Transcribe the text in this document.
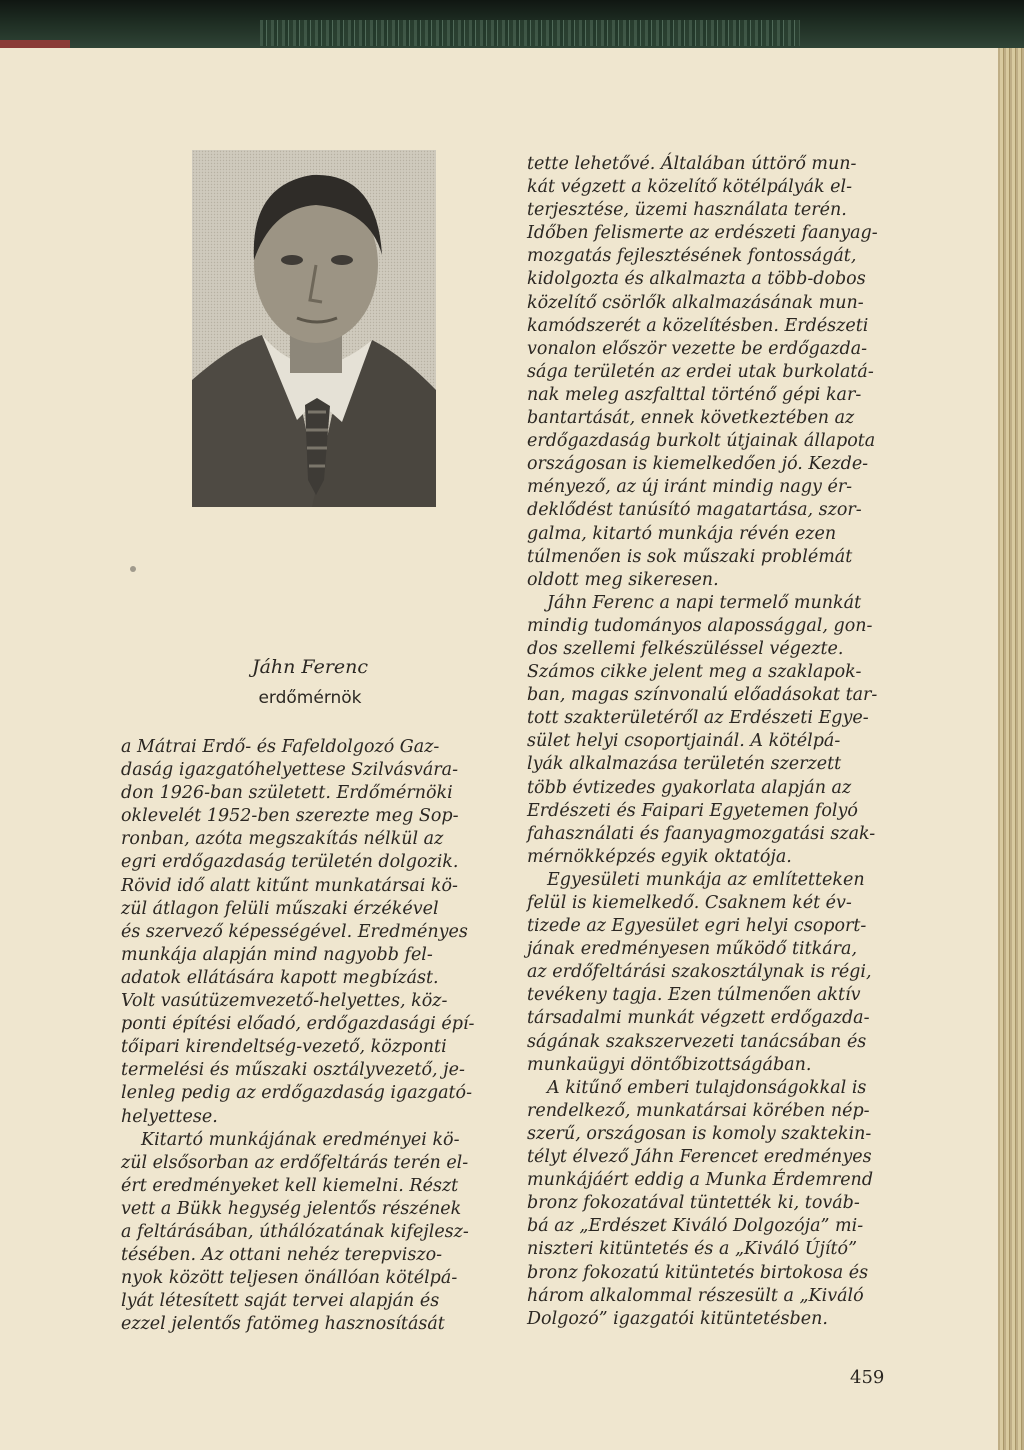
Jáhn Ferenc
erdőmérnök

a Mátrai Erdő- és Fafeldolgozó Gaz-

daság igazgatóhelyettese Szilvásvára-

don 1926-ban született. Erdőmérnöki

oklevelét 1952-ben szerezte meg Sop-

ronban, azóta megszakítás nélkül az

egri erdőgazdaság területén dolgozik.

Rövid idő alatt kitűnt munkatársai kö-

zül átlagon felüli műszaki érzékével

és szervező képességével. Eredményes

munkája alapján mind nagyobb fel-

adatok ellátására kapott megbízást.

Volt vasútüzemvezető-helyettes, köz-

ponti építési előadó, erdőgazdasági épí-

tőipari kirendeltség-vezető, központi

termelési és műszaki osztályvezető, je-

lenleg pedig az erdőgazdaság igazgató-

helyettese.

Kitartó munkájának eredményei kö-

zül elsősorban az erdőfeltárás terén el-

ért eredményeket kell kiemelni. Részt

vett a Bükk hegység jelentős részének

a feltárásában, úthálózatának kifejlesz-

tésében. Az ottani nehéz terepviszo-

nyok között teljesen önállóan kötélpá-

lyát létesített saját tervei alapján és

ezzel jelentős fatömeg hasznosítását

tette lehetővé. Általában úttörő mun-

kát végzett a közelítő kötélpályák el-

terjesztése, üzemi használata terén.

Időben felismerte az erdészeti faanyag-

mozgatás fejlesztésének fontosságát,

kidolgozta és alkalmazta a több-dobos

közelítő csörlők alkalmazásának mun-

kamódszerét a közelítésben. Erdészeti

vonalon először vezette be erdőgazda-

sága területén az erdei utak burkolatá-

nak meleg aszfalttal történő gépi kar-

bantartását, ennek következtében az

erdőgazdaság burkolt útjainak állapota

országosan is kiemelkedően jó. Kezde-

ményező, az új iránt mindig nagy ér-

deklődést tanúsító magatartása, szor-

galma, kitartó munkája révén ezen

túlmenően is sok műszaki problémát

oldott meg sikeresen.

Jáhn Ferenc a napi termelő munkát

mindig tudományos alapossággal, gon-

dos szellemi felkészüléssel végezte.

Számos cikke jelent meg a szaklapok-

ban, magas színvonalú előadásokat tar-

tott szakterületéről az Erdészeti Egye-

sület helyi csoportjainál. A kötélpá-

lyák alkalmazása területén szerzett

több évtizedes gyakorlata alapján az

Erdészeti és Faipari Egyetemen folyó

fahasználati és faanyagmozgatási szak-

mérnökképzés egyik oktatója.

Egyesületi munkája az említetteken

felül is kiemelkedő. Csaknem két év-

tizede az Egyesület egri helyi csoport-

jának eredményesen működő titkára,

az erdőfeltárási szakosztálynak is régi,

tevékeny tagja. Ezen túlmenően aktív

társadalmi munkát végzett erdőgazda-

ságának szakszervezeti tanácsában és

munkaügyi döntőbizottságában.

A kitűnő emberi tulajdonságokkal is

rendelkező, munkatársai körében nép-

szerű, országosan is komoly szaktekin-

télyt élvező Jáhn Ferencet eredményes

munkájáért eddig a Munka Érdemrend

bronz fokozatával tüntették ki, továb-

bá az „Erdészet Kiváló Dolgozója” mi-

niszteri kitüntetés és a „Kiváló Újító”

bronz fokozatú kitüntetés birtokosa és

három alkalommal részesült a „Kiváló

Dolgozó” igazgatói kitüntetésben.

459
